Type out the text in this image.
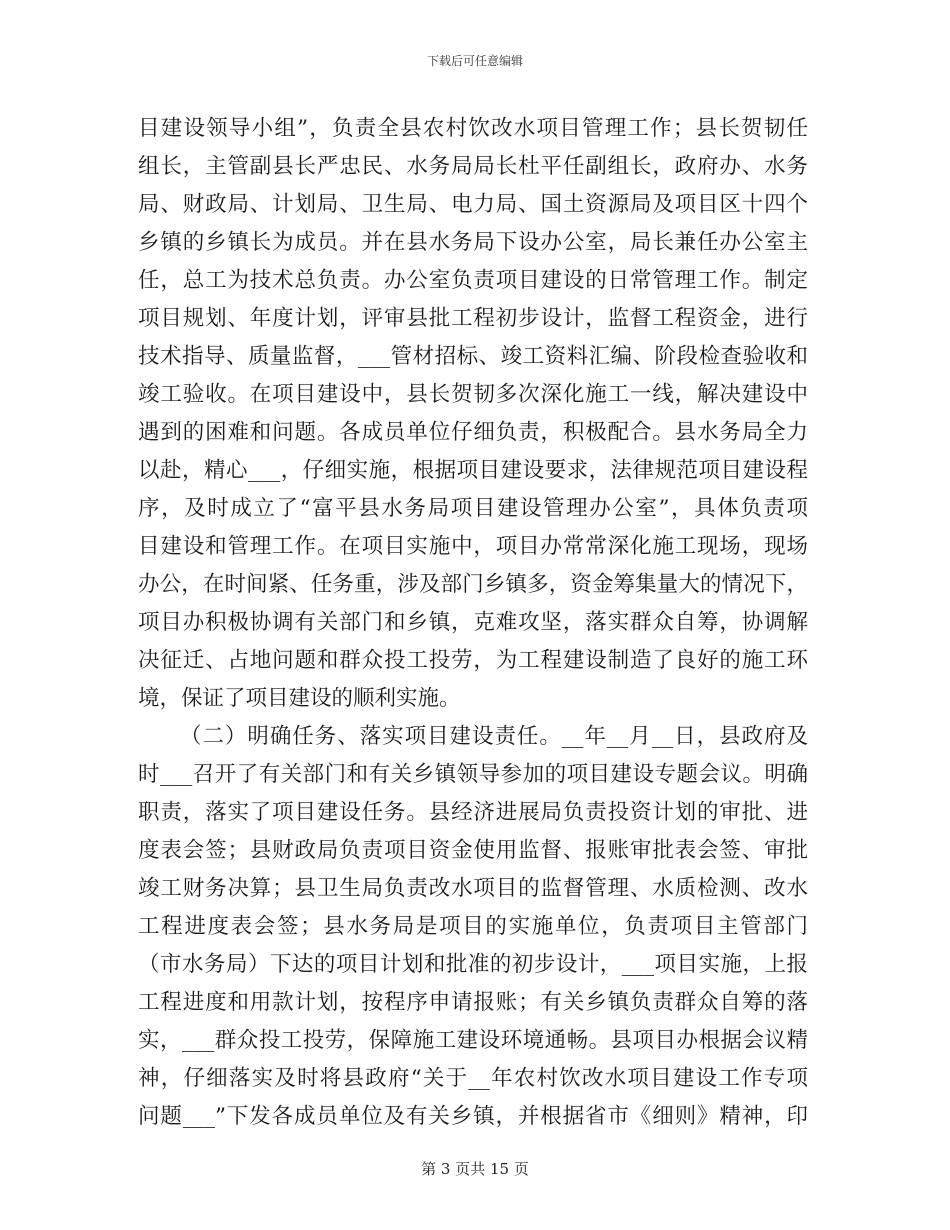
下载后可任意编辑
目建设领导小组”，负责全县农村饮改水项目管理工作；县长贺韧任
组长，主管副县长严忠民、水务局局长杜平任副组长，政府办、水务
局、财政局、计划局、卫生局、电力局、国土资源局及项目区十四个
乡镇的乡镇长为成员。并在县水务局下设办公室，局长兼任办公室主
任，总工为技术总负责。办公室负责项目建设的日常管理工作。制定
项目规划、年度计划，评审县批工程初步设计，监督工程资金，进行
技术指导、质量监督，___管材招标、竣工资料汇编、阶段检查验收和
竣工验收。在项目建设中，县长贺韧多次深化施工一线，解决建设中
遇到的困难和问题。各成员单位仔细负责，积极配合。县水务局全力
以赴，精心___，仔细实施，根据项目建设要求，法律规范项目建设程
序，及时成立了“富平县水务局项目建设管理办公室”，具体负责项
目建设和管理工作。在项目实施中，项目办常常深化施工现场，现场
办公，在时间紧、任务重，涉及部门乡镇多，资金筹集量大的情况下，
项目办积极协调有关部门和乡镇，克难攻坚，落实群众自筹，协调解
决征迁、占地问题和群众投工投劳，为工程建设制造了良好的施工环
境，保证了项目建设的顺利实施。
（二）明确任务、落实项目建设责任。__年__月__日，县政府及
时___召开了有关部门和有关乡镇领导参加的项目建设专题会议。明确
职责，落实了项目建设任务。县经济进展局负责投资计划的审批、进
度表会签；县财政局负责项目资金使用监督、报账审批表会签、审批
竣工财务决算；县卫生局负责改水项目的监督管理、水质检测、改水
工程进度表会签；县水务局是项目的实施单位，负责项目主管部门
（市水务局）下达的项目计划和批准的初步设计，___项目实施，上报
工程进度和用款计划，按程序申请报账；有关乡镇负责群众自筹的落
实，___群众投工投劳，保障施工建设环境通畅。县项目办根据会议精
神，仔细落实及时将县政府“关于__年农村饮改水项目建设工作专项
问题___”下发各成员单位及有关乡镇，并根据省市《细则》精神，印
第 3 页共 15 页
